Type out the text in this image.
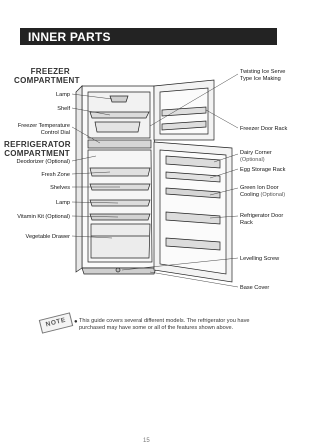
INNER PARTS
FREEZER
COMPARTMENT
REFRIGERATOR
COMPARTMENT
Lamp
Shelf
Freezer Temperature
Control Dial
Deodorizer (Optional)
Fresh Zone
Shelves
Lamp
Vitamin Kit (Optional)
Vegetable Drawer
Twisting Ice Serve
Type Ice Making
Freezer Door Rack
Dairy Corner
(Optional)
Egg Storage Rack
Green Ion Door
Cooling (Optional)
Refrigerator Door
Rack
Levelling Screw
Base Cover
NOTE	● This guide covers several different models. The refrigerator you have purchased may have some or all of the features shown above.
15
